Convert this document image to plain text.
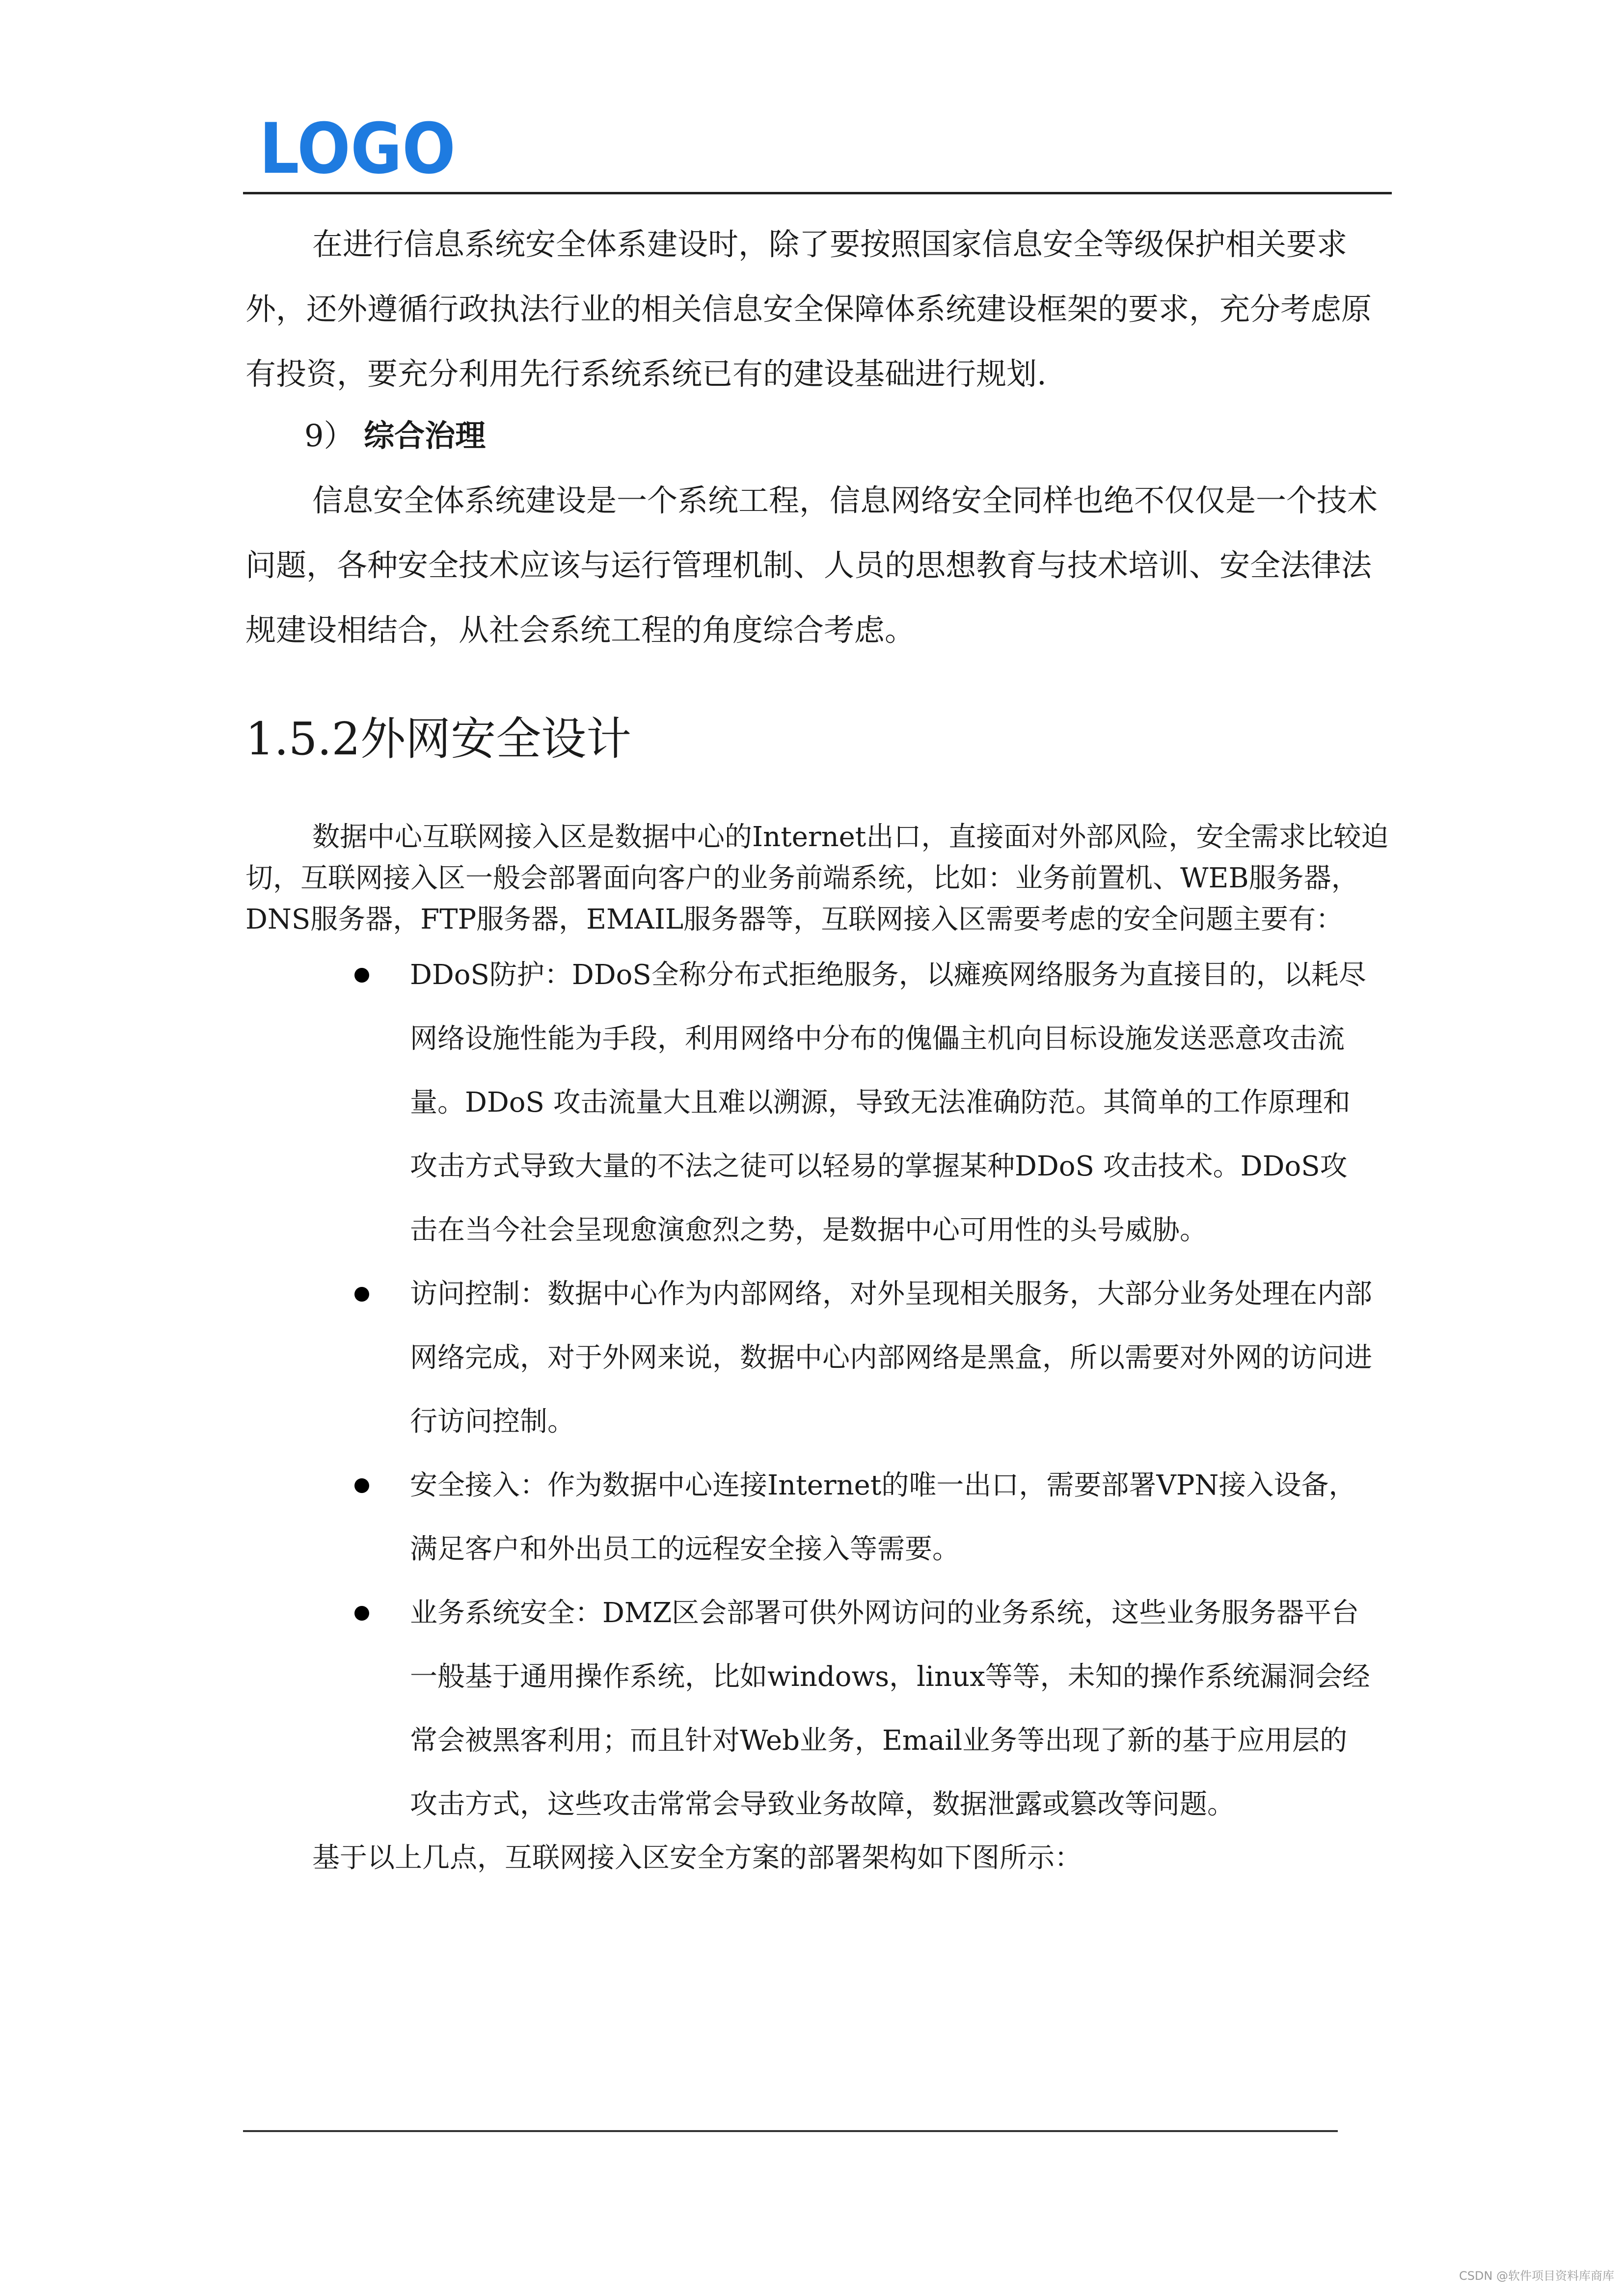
LOGO

在进行信息系统安全体系建设时，除了要按照国家信息安全等级保护相关要求外，还外遵循行政执法行业的相关信息安全保障体系统建设框架的要求，充分考虑原有投资，要充分利用先行系统系统已有的建设基础进行规划.

9） 综合治理

信息安全体系统建设是一个系统工程，信息网络安全同样也绝不仅仅是一个技术问题，各种安全技术应该与运行管理机制、人员的思想教育与技术培训、安全法律法规建设相结合，从社会系统工程的角度综合考虑。

1.5.2外网安全设计

数据中心互联网接入区是数据中心的Internet出口，直接面对外部风险，安全需求比较迫切，互联网接入区一般会部署面向客户的业务前端系统，比如：业务前置机、WEB服务器，DNS服务器，FTP服务器，EMAIL服务器等，互联网接入区需要考虑的安全问题主要有：

DDoS防护：DDoS全称分布式拒绝服务，以瘫痪网络服务为直接目的，以耗尽网络设施性能为手段，利用网络中分布的傀儡主机向目标设施发送恶意攻击流量。DDoS 攻击流量大且难以溯源，导致无法准确防范。其简单的工作原理和攻击方式导致大量的不法之徒可以轻易的掌握某种DDoS 攻击技术。DDoS攻击在当今社会呈现愈演愈烈之势，是数据中心可用性的头号威胁。

访问控制：数据中心作为内部网络，对外呈现相关服务，大部分业务处理在内部网络完成，对于外网来说，数据中心内部网络是黑盒，所以需要对外网的访问进行访问控制。

安全接入：作为数据中心连接Internet的唯一出口，需要部署VPN接入设备，满足客户和外出员工的远程安全接入等需要。

业务系统安全：DMZ区会部署可供外网访问的业务系统，这些业务服务器平台一般基于通用操作系统，比如windows，linux等等，未知的操作系统漏洞会经常会被黑客利用；而且针对Web业务，Email业务等出现了新的基于应用层的攻击方式，这些攻击常常会导致业务故障，数据泄露或篡改等问题。

基于以上几点，互联网接入区安全方案的部署架构如下图所示：

CSDN @软件项目资料库商库
